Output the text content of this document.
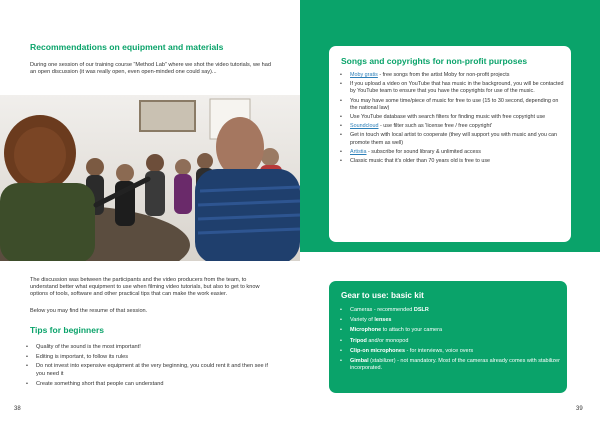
Recommendations on equipment and materials
During one session of our training course “Method Lab” where we shot the video tutorials, we had an open discussion (it was really open, even open-minded one could say)...
The discussion was between the participants and the video producers from the team, to understand better what equipment to use when filming video tutorials, but also to get to know options of tools, software and other practical tips that can make the work easier.
Below you may find the resume of that session.
Tips for beginners
• Quality of the sound is the most important!
• Editing is important, to follow its rules
• Do not invest into expensive equipment at the very beginning, you could rent it and then see if you need it
• Create something short that people can understand
38	39
Songs and copyrights for non-profit purposes
• Moby gratis - free songs from the artist Moby for non-profit projects
• If you upload a video on YouTube that has music in the background, you will be contacted by YouTube team to ensure that you have the copyrights for use of the music.
• You may have some time/piece of music for free to use (15 to 30 second, depending on the national law)
• Use YouTube database with search filters for finding music with free copyright use
• Soundcloud - use filter such as 'license free / free copyright'
• Get in touch with local artist to cooperate (they will support you with music and you can promote them as well)
• Artistia - subscribe for sound library & unlimited access
• Classic music that it's older than 70 years old is free to use
Gear to use: basic kit
• Cameras - recommended DSLR
• Variety of lenses
• Microphone to attach to your camera
• Tripod and/or monopod
• Clip-on microphones - for interviews, voice overs
• Gimbal (stabilizer) - not mandatory. Most of the cameras already comes with stabilizer incorporated.
